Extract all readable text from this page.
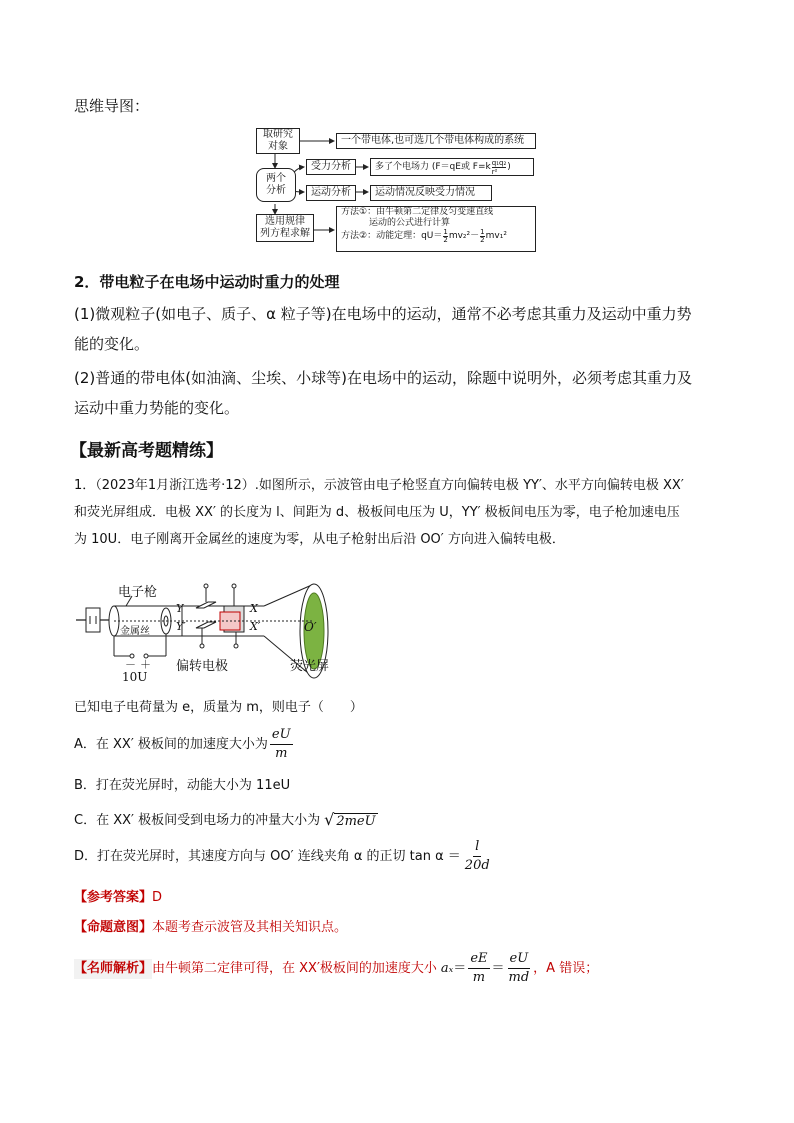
思维导图：
取研究
对象
一个带电体,也可选几个带电体构成的系统
两个
分析
受力分析	多了个电场力 (F＝qE或 $F=k \frac{\text{q₁q₂}}{\text{r²}}$ )
运动分析	运动情况反映受力情况
选用规律
列方程求解
方法①：由牛顿第二定律及匀变速直线
运动的公式进行计算
方法②：动能定理：$qU= \frac{1}{2} mv_2^2- \frac{1}{2} mv_1^2$
2．带电粒子在电场中运动时重力的处理
(1)微观粒子(如电子、质子、α 粒子等)在电场中的运动，通常不必考虑其重力及运动中重力势
能的变化。
(2)普通的带电体(如油滴、尘埃、小球等)在电场中的运动，除题中说明外，必须考虑其重力及
运动中重力势能的变化。
【最新高考题精练】
1．（2023年1月浙江选考·12）.如图所示，示波管由电子枪竖直方向偏转电极 YY′、水平方向偏转电极 XX′
和荧光屏组成．电极 XX′ 的长度为 l、间距为 d、极板间电压为 U，YY′ 极板间电压为零，电子枪加速电压
为 10U．电子刚离开金属丝的速度为零，从电子枪射出后沿 OO′ 方向进入偏转电极．
电子枪
金属丝
Y
Y′
X
X′	O′
偏转电极	荧光屏
－ ＋
10U
已知电子电荷量为 e，质量为 m，则电子（　　）
A．在 XX′ 极板间的加速度大小为 $\frac{eU}{m}$
B．打在荧光屏时，动能大小为 11eU
C．在 XX′ 极板间受到电场力的冲量大小为 √ 2meU
D．打在荧光屏时，其速度方向与 OO′ 连线夹角 α 的正切 $\tan \alpha = \frac{l}{20d}$
【参考答案】D
【命题意图】本题考查示波管及其相关知识点。
【名师解析】 由牛顿第二定律可得，在 XX′极板间的加速度大小 $a_x = \frac{eE}{m} = \frac{eU}{md}$ ，A 错误；
